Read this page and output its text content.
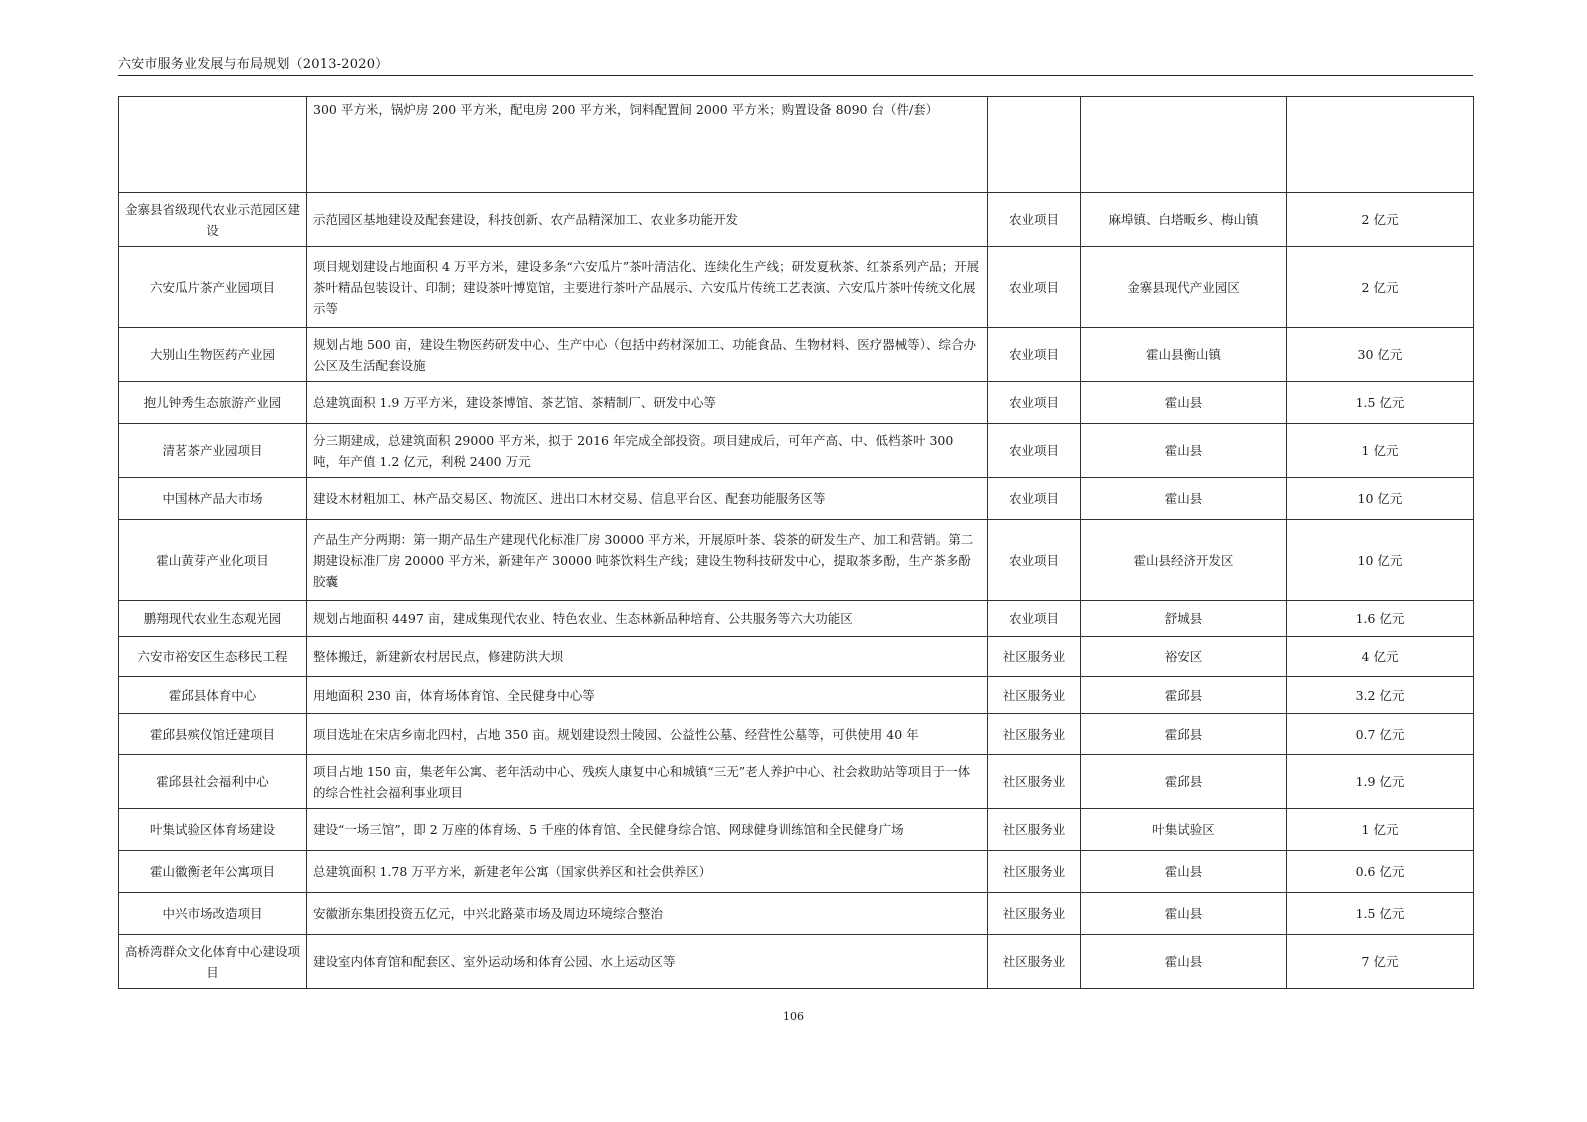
六安市服务业发展与布局规划（2013-2020）
	300 平方米，锅炉房 200 平方米，配电房 200 平方米，饲料配置间 2000 平方米；购置设备 8090 台（件/套）			
金寨县省级现代农业示范园区建设	示范园区基地建设及配套建设，科技创新、农产品精深加工、农业多功能开发	农业项目	麻埠镇、白塔畈乡、梅山镇	2 亿元
六安瓜片茶产业园项目	项目规划建设占地面积 4 万平方米，建设多条“六安瓜片”茶叶清洁化、连续化生产线；研发夏秋茶、红茶系列产品；开展茶叶精品包装设计、印制；建设茶叶博览馆，主要进行茶叶产品展示、六安瓜片传统工艺表演、六安瓜片茶叶传统文化展示等	农业项目	金寨县现代产业园区	2 亿元
大别山生物医药产业园	规划占地 500 亩，建设生物医药研发中心、生产中心（包括中药材深加工、功能食品、生物材料、医疗器械等）、综合办公区及生活配套设施	农业项目	霍山县衡山镇	30 亿元
抱儿钟秀生态旅游产业园	总建筑面积 1.9 万平方米，建设茶博馆、茶艺馆、茶精制厂、研发中心等	农业项目	霍山县	1.5 亿元
清茗茶产业园项目	分三期建成，总建筑面积 29000 平方米，拟于 2016 年完成全部投资。项目建成后，可年产高、中、低档茶叶 300 吨，年产值 1.2 亿元，利税 2400 万元	农业项目	霍山县	1 亿元
中国林产品大市场	建设木材粗加工、林产品交易区、物流区、进出口木材交易、信息平台区、配套功能服务区等	农业项目	霍山县	10 亿元
霍山黄芽产业化项目	产品生产分两期：第一期产品生产建现代化标准厂房 30000 平方米，开展原叶茶、袋茶的研发生产、加工和营销。第二期建设标准厂房 20000 平方米，新建年产 30000 吨茶饮料生产线；建设生物科技研发中心，提取茶多酚，生产茶多酚胶囊	农业项目	霍山县经济开发区	10 亿元
鹏翔现代农业生态观光园	规划占地面积 4497 亩，建成集现代农业、特色农业、生态林新品种培育、公共服务等六大功能区	农业项目	舒城县	1.6 亿元
六安市裕安区生态移民工程	整体搬迁，新建新农村居民点，修建防洪大坝	社区服务业	裕安区	4 亿元
霍邱县体育中心	用地面积 230 亩，体育场体育馆、全民健身中心等	社区服务业	霍邱县	3.2 亿元
霍邱县殡仪馆迁建项目	项目选址在宋店乡南北四村，占地 350 亩。规划建设烈士陵园、公益性公墓、经营性公墓等，可供使用 40 年	社区服务业	霍邱县	0.7 亿元
霍邱县社会福利中心	项目占地 150 亩，集老年公寓、老年活动中心、残疾人康复中心和城镇“三无”老人养护中心、社会救助站等项目于一体的综合性社会福利事业项目	社区服务业	霍邱县	1.9 亿元
叶集试验区体育场建设	建设“一场三馆”，即 2 万座的体育场、5 千座的体育馆、全民健身综合馆、网球健身训练馆和全民健身广场	社区服务业	叶集试验区	1 亿元
霍山徽衡老年公寓项目	总建筑面积 1.78 万平方米，新建老年公寓（国家供养区和社会供养区）	社区服务业	霍山县	0.6 亿元
中兴市场改造项目	安徽浙东集团投资五亿元，中兴北路菜市场及周边环境综合整治	社区服务业	霍山县	1.5 亿元
高桥湾群众文化体育中心建设项目	建设室内体育馆和配套区、室外运动场和体育公园、水上运动区等	社区服务业	霍山县	7 亿元
106
